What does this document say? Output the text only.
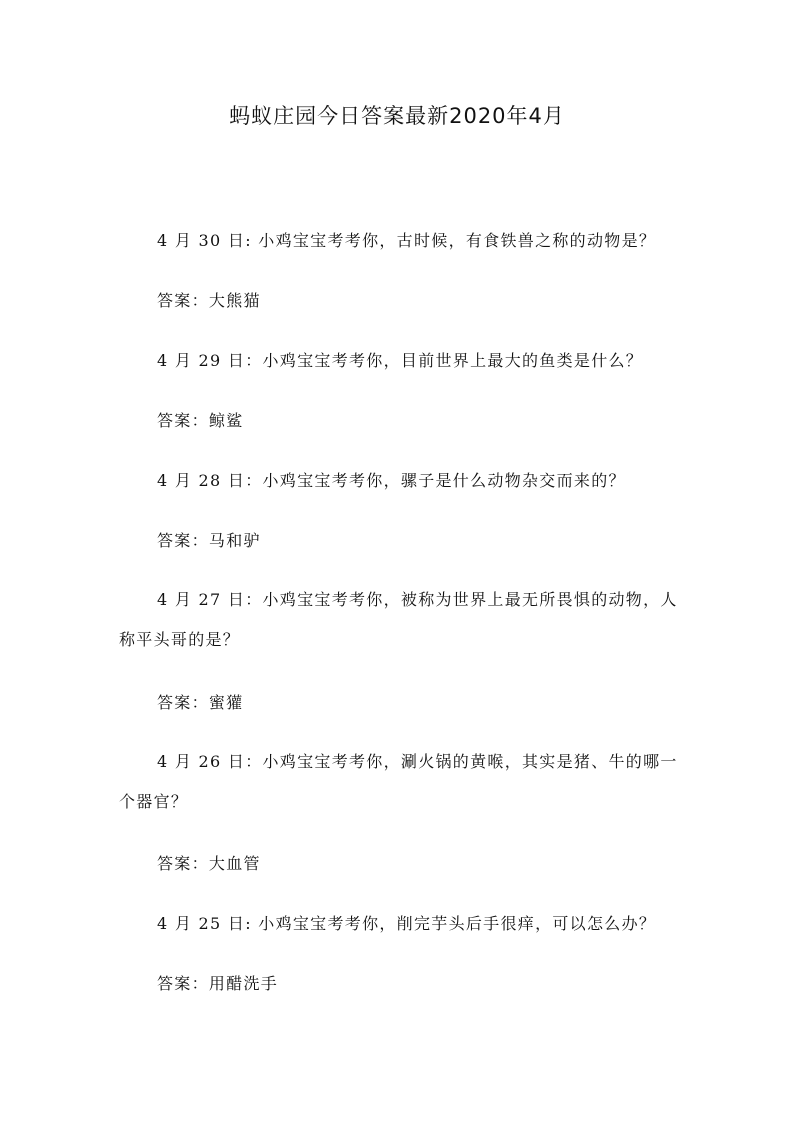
蚂蚁庄园今日答案最新2020年4月

4 月 30 日: 小鸡宝宝考考你，古时候，有食铁兽之称的动物是？

答案：大熊猫

4 月 29 日：小鸡宝宝考考你，目前世界上最大的鱼类是什么？

答案：鲸鲨

4 月 28 日：小鸡宝宝考考你，骡子是什么动物杂交而来的？

答案：马和驴

4 月 27 日：小鸡宝宝考考你，被称为世界上最无所畏惧的动物，人称平头哥的是？

答案：蜜獾

4 月 26 日：小鸡宝宝考考你，涮火锅的黄喉，其实是猪、牛的哪一个器官？

答案：大血管

4 月 25 日: 小鸡宝宝考考你，削完芋头后手很痒，可以怎么办？

答案：用醋洗手
